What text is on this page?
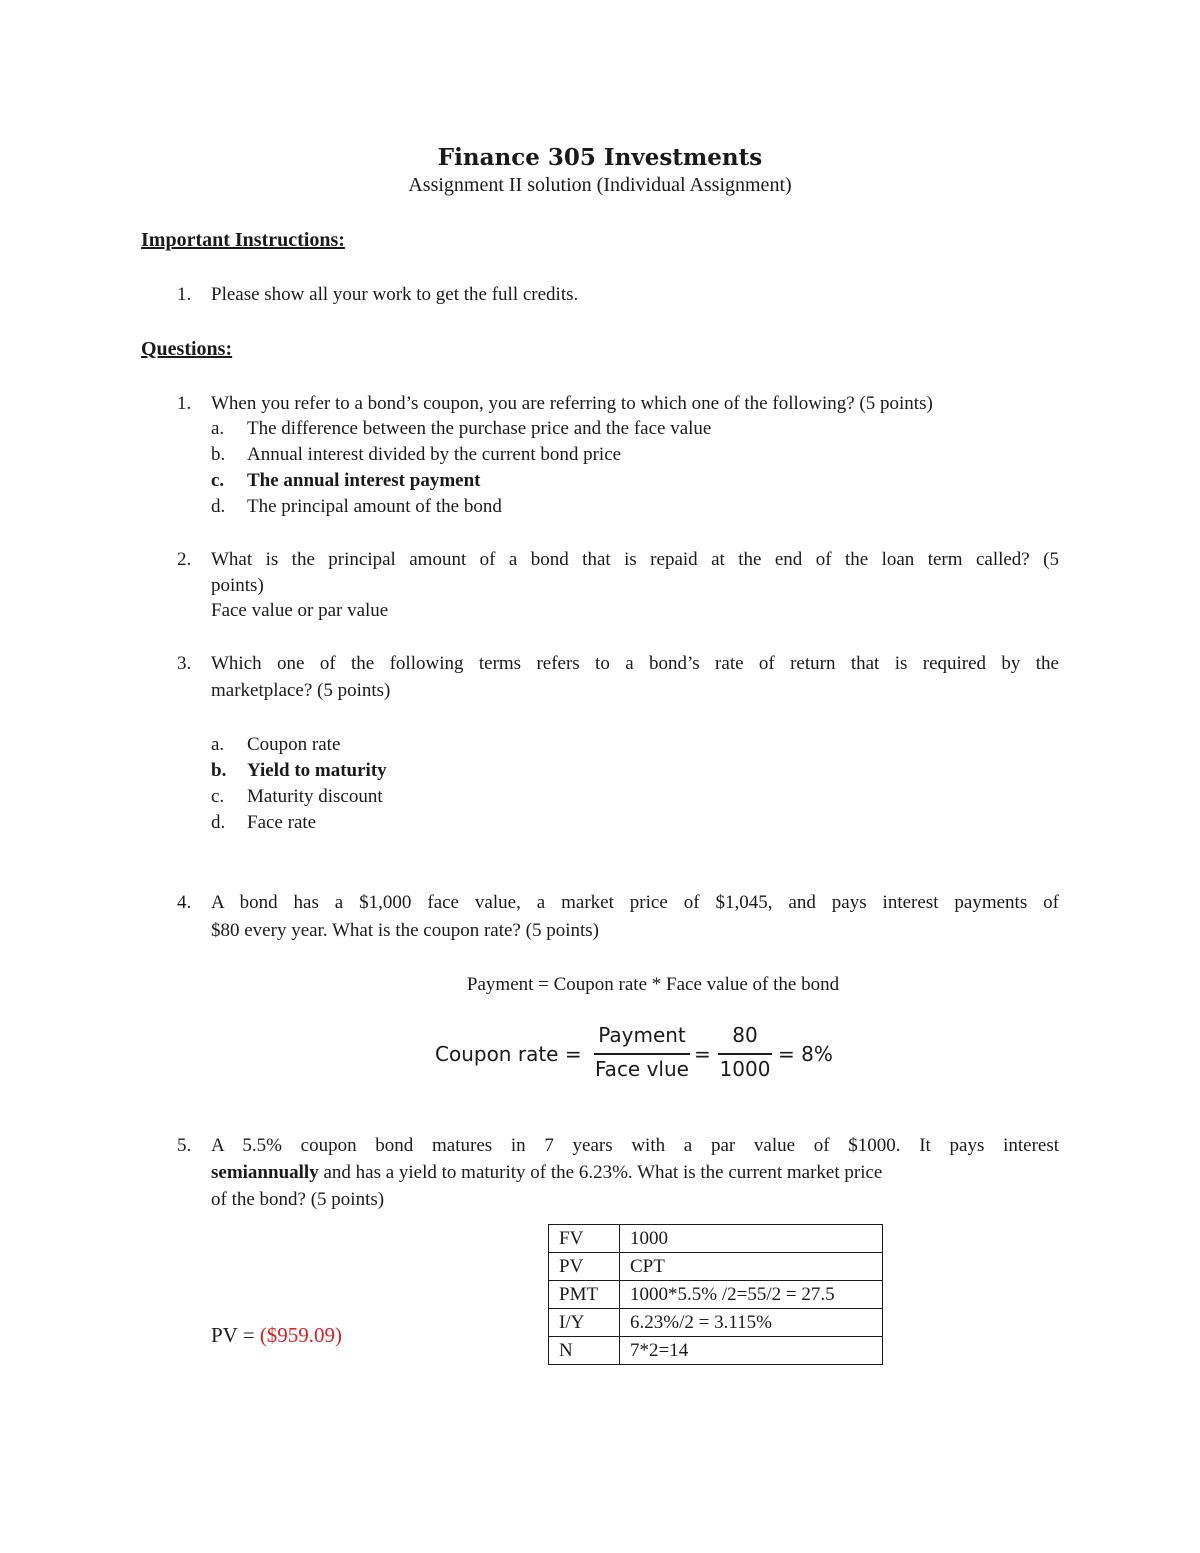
Finance 305 Investments
Assignment II solution (Individual Assignment)
Important Instructions:
1. Please show all your work to get the full credits.
Questions:
1. When you refer to a bond’s coupon, you are referring to which one of the following? (5 points)
a. The difference between the purchase price and the face value
b. Annual interest divided by the current bond price
c. The annual interest payment
d. The principal amount of the bond
2. What is the principal amount of a bond that is repaid at the end of the loan term called? (5
points)
Face value or par value
3. Which one of the following terms refers to a bond’s rate of return that is required by the
marketplace? (5 points)
a. Coupon rate
b. Yield to maturity
c. Maturity discount
d. Face rate
4. A bond has a $1,000 face value, a market price of $1,045, and pays interest payments of
$80 every year. What is the coupon rate? (5 points)
Payment = Coupon rate * Face value of the bond
Coupon rate =
Payment
Face vlue
=
80
1000
= 8%
5. A 5.5% coupon bond matures in 7 years with a par value of $1000. It pays interest
semiannually and has a yield to maturity of the 6.23%. What is the current market price
of the bond? (5 points)
PV = ($959.09)
FV	1000
PV	CPT
PMT	1000*5.5% /2=55/2 = 27.5
I/Y	6.23%/2 = 3.115%
N	7*2=14
